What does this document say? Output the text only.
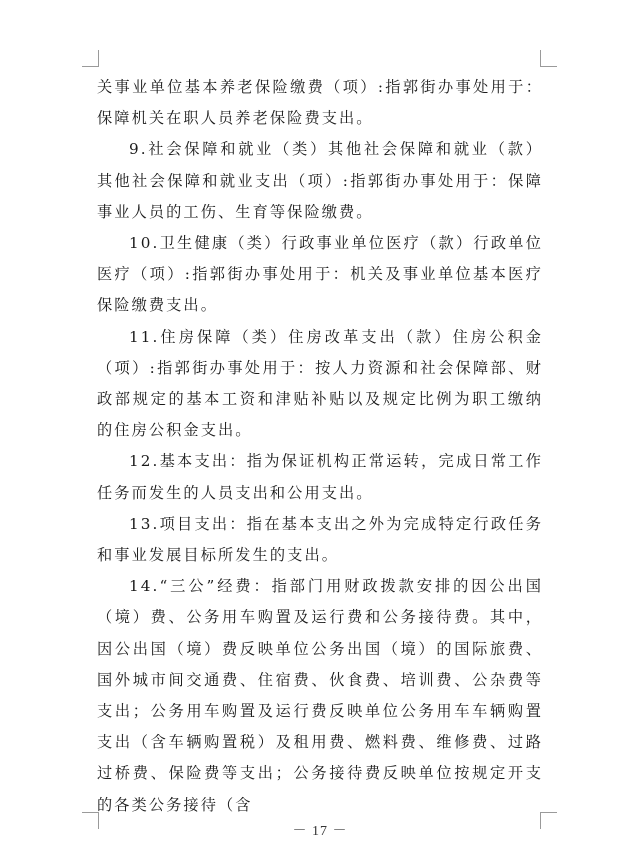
关事业单位基本养老保险缴费（项）:指郭街办事处用于：保障机关在职人员养老保险费支出。

9.社会保障和就业（类）其他社会保障和就业（款）其他社会保障和就业支出（项）:指郭街办事处用于：保障事业人员的工伤、生育等保险缴费。

10.卫生健康（类）行政事业单位医疗（款）行政单位医疗（项）:指郭街办事处用于：机关及事业单位基本医疗保险缴费支出。

11.住房保障（类）住房改革支出（款）住房公积金（项）:指郭街办事处用于：按人力资源和社会保障部、财政部规定的基本工资和津贴补贴以及规定比例为职工缴纳的住房公积金支出。

12.基本支出：指为保证机构正常运转，完成日常工作任务而发生的人员支出和公用支出。

13.项目支出：指在基本支出之外为完成特定行政任务和事业发展目标所发生的支出。

14.“三公”经费：指部门用财政拨款安排的因公出国（境）费、公务用车购置及运行费和公务接待费。其中，因公出国（境）费反映单位公务出国（境）的国际旅费、国外城市间交通费、住宿费、伙食费、培训费、公杂费等支出；公务用车购置及运行费反映单位公务用车车辆购置支出（含车辆购置税）及租用费、燃料费、维修费、过路过桥费、保险费等支出；公务接待费反映单位按规定开支的各类公务接待（含

－ 17 －
